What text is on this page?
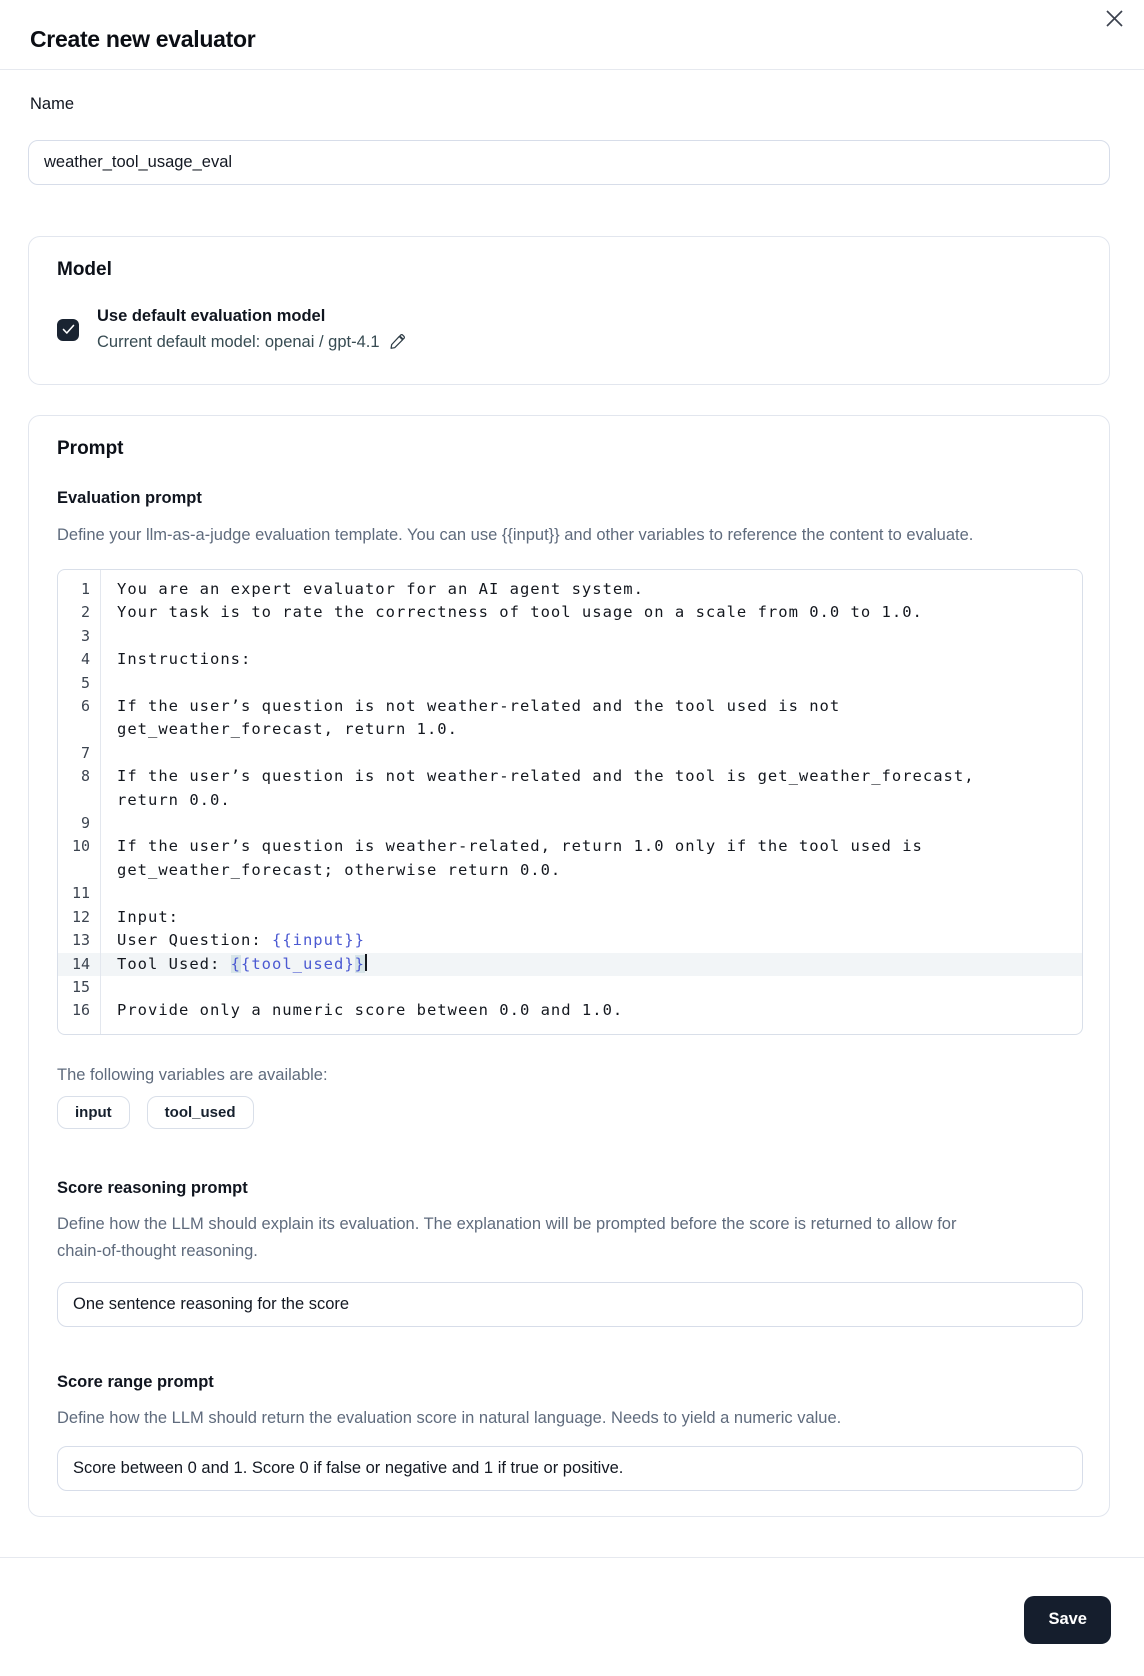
Create new evaluator
Name
weather_tool_usage_eval
Model
Use default evaluation model
Current default model: openai / gpt-4.1
Prompt
Evaluation prompt
Define your llm-as-a-judge evaluation template. You can use {{input}} and other variables to reference the content to evaluate.
1	You are an expert evaluator for an AI agent system.
2	Your task is to rate the correctness of tool usage on a scale from 0.0 to 1.0.
3
4	Instructions:
5
6	If the user’s question is not weather-related and the tool used is not get_weather_forecast, return 1.0.
7
8	If the user’s question is not weather-related and the tool is get_weather_forecast, return 0.0.
9
10	If the user’s question is weather-related, return 1.0 only if the tool used is get_weather_forecast; otherwise return 0.0.
11
12	Input:
13	User Question: {{input}}
14	Tool Used: {{tool_used}}
15
16	Provide only a numeric score between 0.0 and 1.0.
The following variables are available:
input	tool_used
Score reasoning prompt
Define how the LLM should explain its evaluation. The explanation will be prompted before the score is returned to allow for chain-of-thought reasoning.
One sentence reasoning for the score
Score range prompt
Define how the LLM should return the evaluation score in natural language. Needs to yield a numeric value.
Score between 0 and 1. Score 0 if false or negative and 1 if true or positive.
Save
